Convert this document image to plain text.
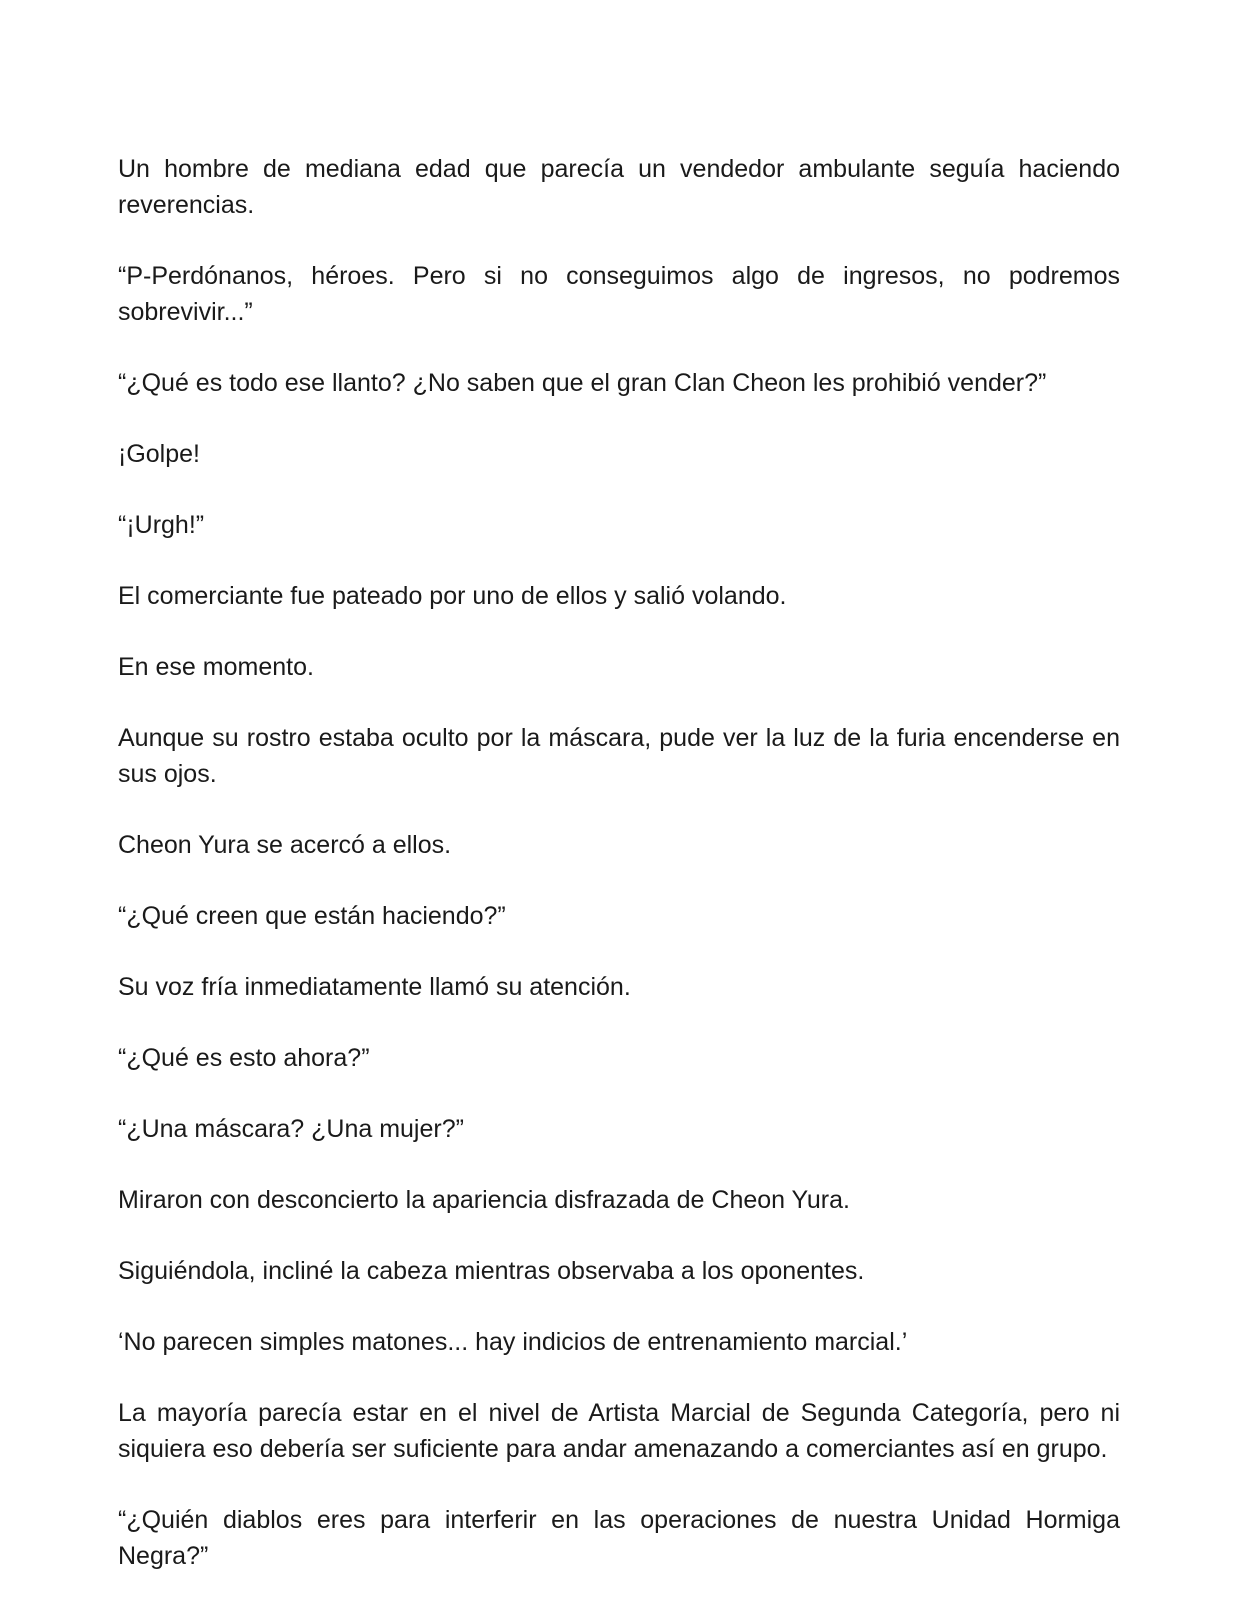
Un hombre de mediana edad que parecía un vendedor ambulante seguía haciendo reverencias.

“P-Perdónanos, héroes. Pero si no conseguimos algo de ingresos, no podremos sobrevivir...”

“¿Qué es todo ese llanto? ¿No saben que el gran Clan Cheon les prohibió vender?”

¡Golpe!

“¡Urgh!”

El comerciante fue pateado por uno de ellos y salió volando.

En ese momento.

Aunque su rostro estaba oculto por la máscara, pude ver la luz de la furia encenderse en sus ojos.

Cheon Yura se acercó a ellos.

“¿Qué creen que están haciendo?”

Su voz fría inmediatamente llamó su atención.

“¿Qué es esto ahora?”

“¿Una máscara? ¿Una mujer?”

Miraron con desconcierto la apariencia disfrazada de Cheon Yura.

Siguiéndola, incliné la cabeza mientras observaba a los oponentes.

‘No parecen simples matones... hay indicios de entrenamiento marcial.’

La mayoría parecía estar en el nivel de Artista Marcial de Segunda Categoría, pero ni siquiera eso debería ser suficiente para andar amenazando a comerciantes así en grupo.

“¿Quién diablos eres para interferir en las operaciones de nuestra Unidad Hormiga Negra?”
